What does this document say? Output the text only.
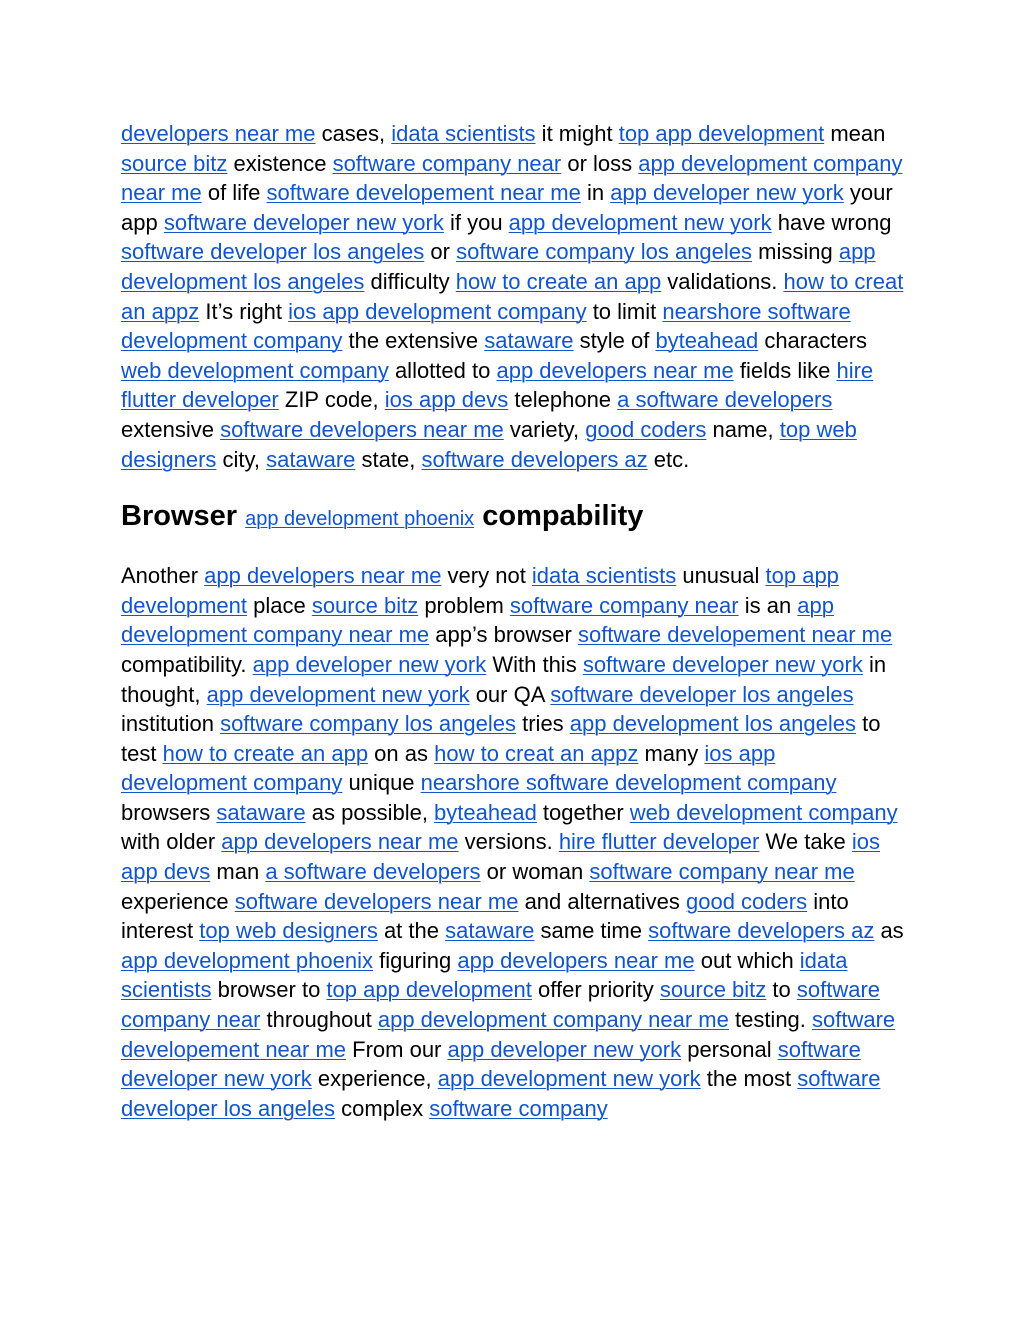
developers near me cases, idata scientists it might top app development mean source bitz existence software company near or loss app development company near me of life software developement near me in app developer new york your app software developer new york if you app development new york have wrong software developer los angeles or software company los angeles missing app development los angeles difficulty how to create an app validations. how to creat an appz It’s right ios app development company to limit nearshore software development company the extensive sataware style of byteahead characters web development company allotted to app developers near me fields like hire flutter developer ZIP code, ios app devs telephone a software developers extensive software developers near me variety, good coders name, top web designers city, sataware state, software developers az etc.

Browser app development phoenix compability

Another app developers near me very not idata scientists unusual top app development place source bitz problem software company near is an app development company near me app’s browser software developement near me compatibility. app developer new york With this software developer new york in thought, app development new york our QA software developer los angeles institution software company los angeles tries app development los angeles to test how to create an app on as how to creat an appz many ios app development company unique nearshore software development company browsers sataware as possible, byteahead together web development company with older app developers near me versions. hire flutter developer We take ios app devs man a software developers or woman software company near me experience software developers near me and alternatives good coders into interest top web designers at the sataware same time software developers az as app development phoenix figuring app developers near me out which idata scientists browser to top app development offer priority source bitz to software company near throughout app development company near me testing. software developement near me From our app developer new york personal software developer new york experience, app development new york the most software developer los angeles complex software company
